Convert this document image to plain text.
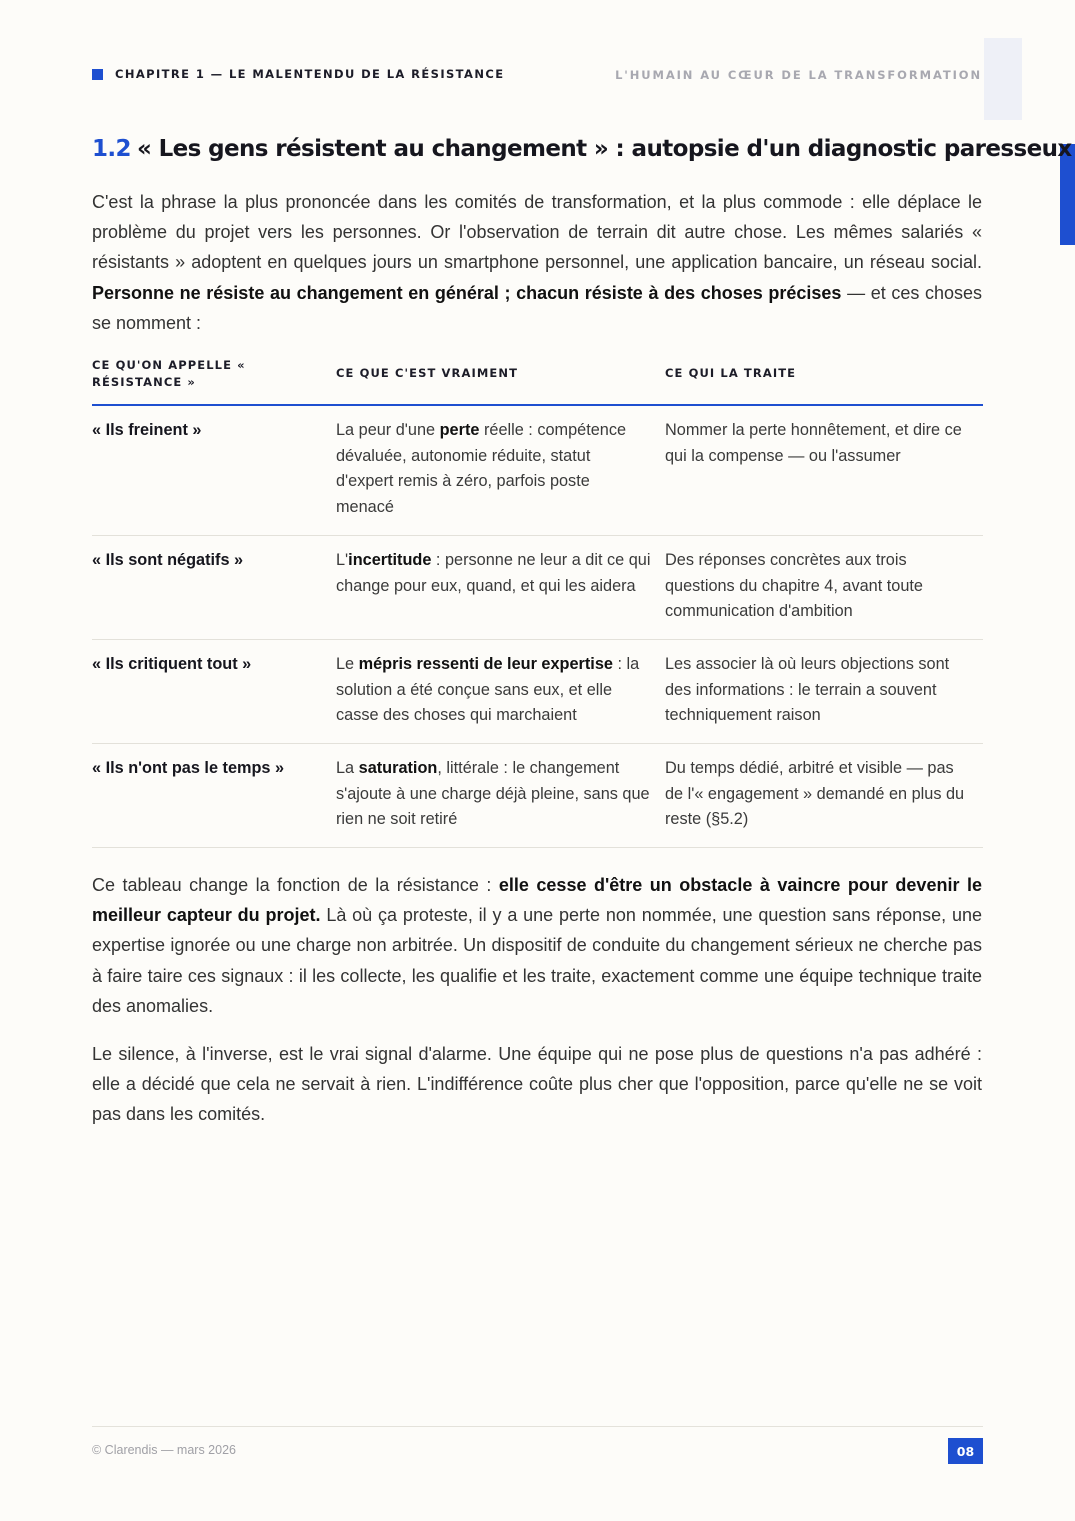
CHAPITRE 1 — LE MALENTENDU DE LA RÉSISTANCE	L'HUMAIN AU CŒUR DE LA TRANSFORMATION
1.2 « Les gens résistent au changement » : autopsie d'un diagnostic paresseux

C'est la phrase la plus prononcée dans les comités de transformation, et la plus commode : elle déplace le problème du projet vers les personnes. Or l'observation de terrain dit autre chose. Les mêmes salariés « résistants » adoptent en quelques jours un smartphone personnel, une application bancaire, un réseau social. Personne ne résiste au changement en général ; chacun résiste à des choses précises — et ces choses se nomment :

CE QU'ON APPELLE « RÉSISTANCE »	CE QUE C'EST VRAIMENT	CE QUI LA TRAITE
« Ils freinent »	La peur d'une perte réelle : compétence dévaluée, autonomie réduite, statut d'expert remis à zéro, parfois poste menacé	Nommer la perte honnêtement, et dire ce qui la compense — ou l'assumer
« Ils sont négatifs »	L'incertitude : personne ne leur a dit ce qui change pour eux, quand, et qui les aidera	Des réponses concrètes aux trois questions du chapitre 4, avant toute communication d'ambition
« Ils critiquent tout »	Le mépris ressenti de leur expertise : la solution a été conçue sans eux, et elle casse des choses qui marchaient	Les associer là où leurs objections sont des informations : le terrain a souvent techniquement raison
« Ils n'ont pas le temps »	La saturation, littérale : le changement s'ajoute à une charge déjà pleine, sans que rien ne soit retiré	Du temps dédié, arbitré et visible — pas de l'« engagement » demandé en plus du reste (§5.2)

Ce tableau change la fonction de la résistance : elle cesse d'être un obstacle à vaincre pour devenir le meilleur capteur du projet. Là où ça proteste, il y a une perte non nommée, une question sans réponse, une expertise ignorée ou une charge non arbitrée. Un dispositif de conduite du changement sérieux ne cherche pas à faire taire ces signaux : il les collecte, les qualifie et les traite, exactement comme une équipe technique traite des anomalies.

Le silence, à l'inverse, est le vrai signal d'alarme. Une équipe qui ne pose plus de questions n'a pas adhéré : elle a décidé que cela ne servait à rien. L'indifférence coûte plus cher que l'opposition, parce qu'elle ne se voit pas dans les comités.

© Clarendis — mars 2026	08
